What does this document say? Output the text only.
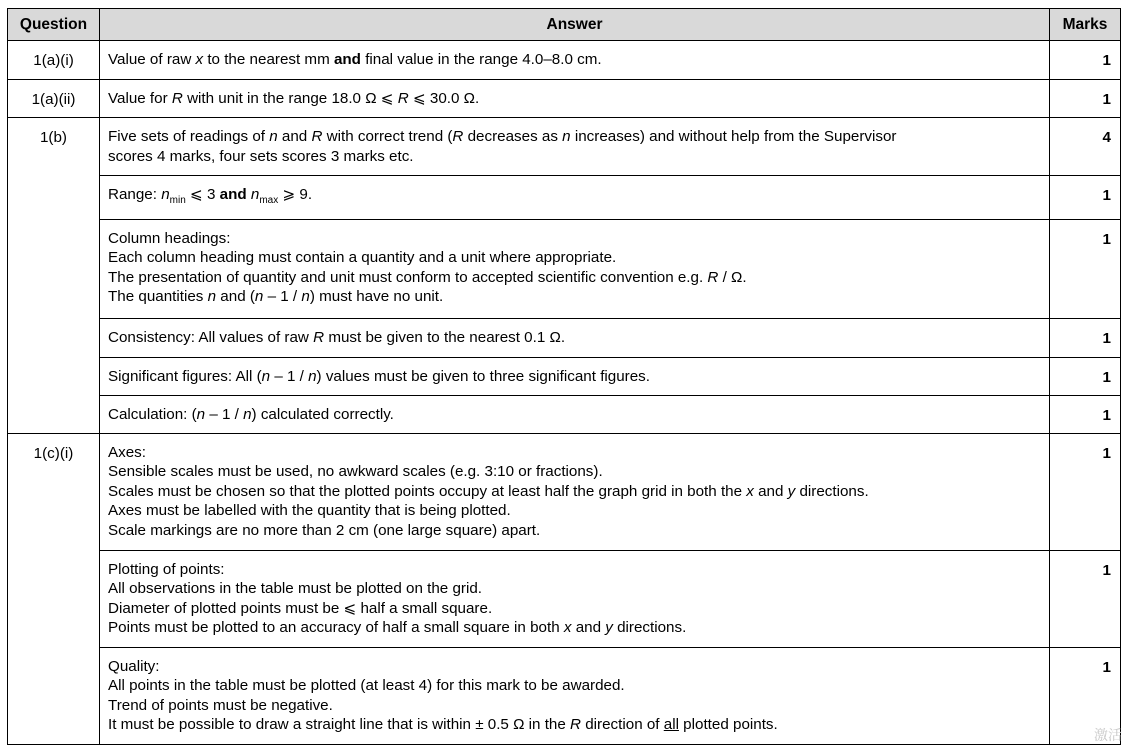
Question	Answer	Marks
1(a)(i)	Value of raw x to the nearest mm and final value in the range 4.0–8.0 cm.	1
1(a)(ii)	Value for R with unit in the range 18.0 Ω ⩽ R ⩽ 30.0 Ω.	1
1(b)	Five sets of readings of n and R with correct trend (R decreases as n increases) and without help from the Supervisor
scores 4 marks, four sets scores 3 marks etc.	4

	Range: $n_{min}$ ⩽ 3 and $n_{max}$ ⩾ 9.	1

	Column headings:
Each column heading must contain a quantity and a unit where appropriate.
The presentation of quantity and unit must conform to accepted scientific convention e.g. R / Ω.
The quantities n and (n – 1 / n) must have no unit.	1

	Consistency: All values of raw R must be given to the nearest 0.1 Ω.	1

	Significant figures: All (n – 1 / n) values must be given to three significant figures.	1

	Calculation: (n – 1 / n) calculated correctly.	1
1(c)(i)	Axes:
Sensible scales must be used, no awkward scales (e.g. 3:10 or fractions).
Scales must be chosen so that the plotted points occupy at least half the graph grid in both the x and y directions.
Axes must be labelled with the quantity that is being plotted.
Scale markings are no more than 2 cm (one large square) apart.	1

	Plotting of points:
All observations in the table must be plotted on the grid.
Diameter of plotted points must be ⩽ half a small square.
Points must be plotted to an accuracy of half a small square in both x and y directions.	1

	Quality:
All points in the table must be plotted (at least 4) for this mark to be awarded.
Trend of points must be negative.
It must be possible to draw a straight line that is within ± 0.5 Ω in the R direction of all plotted points.	1
激活
